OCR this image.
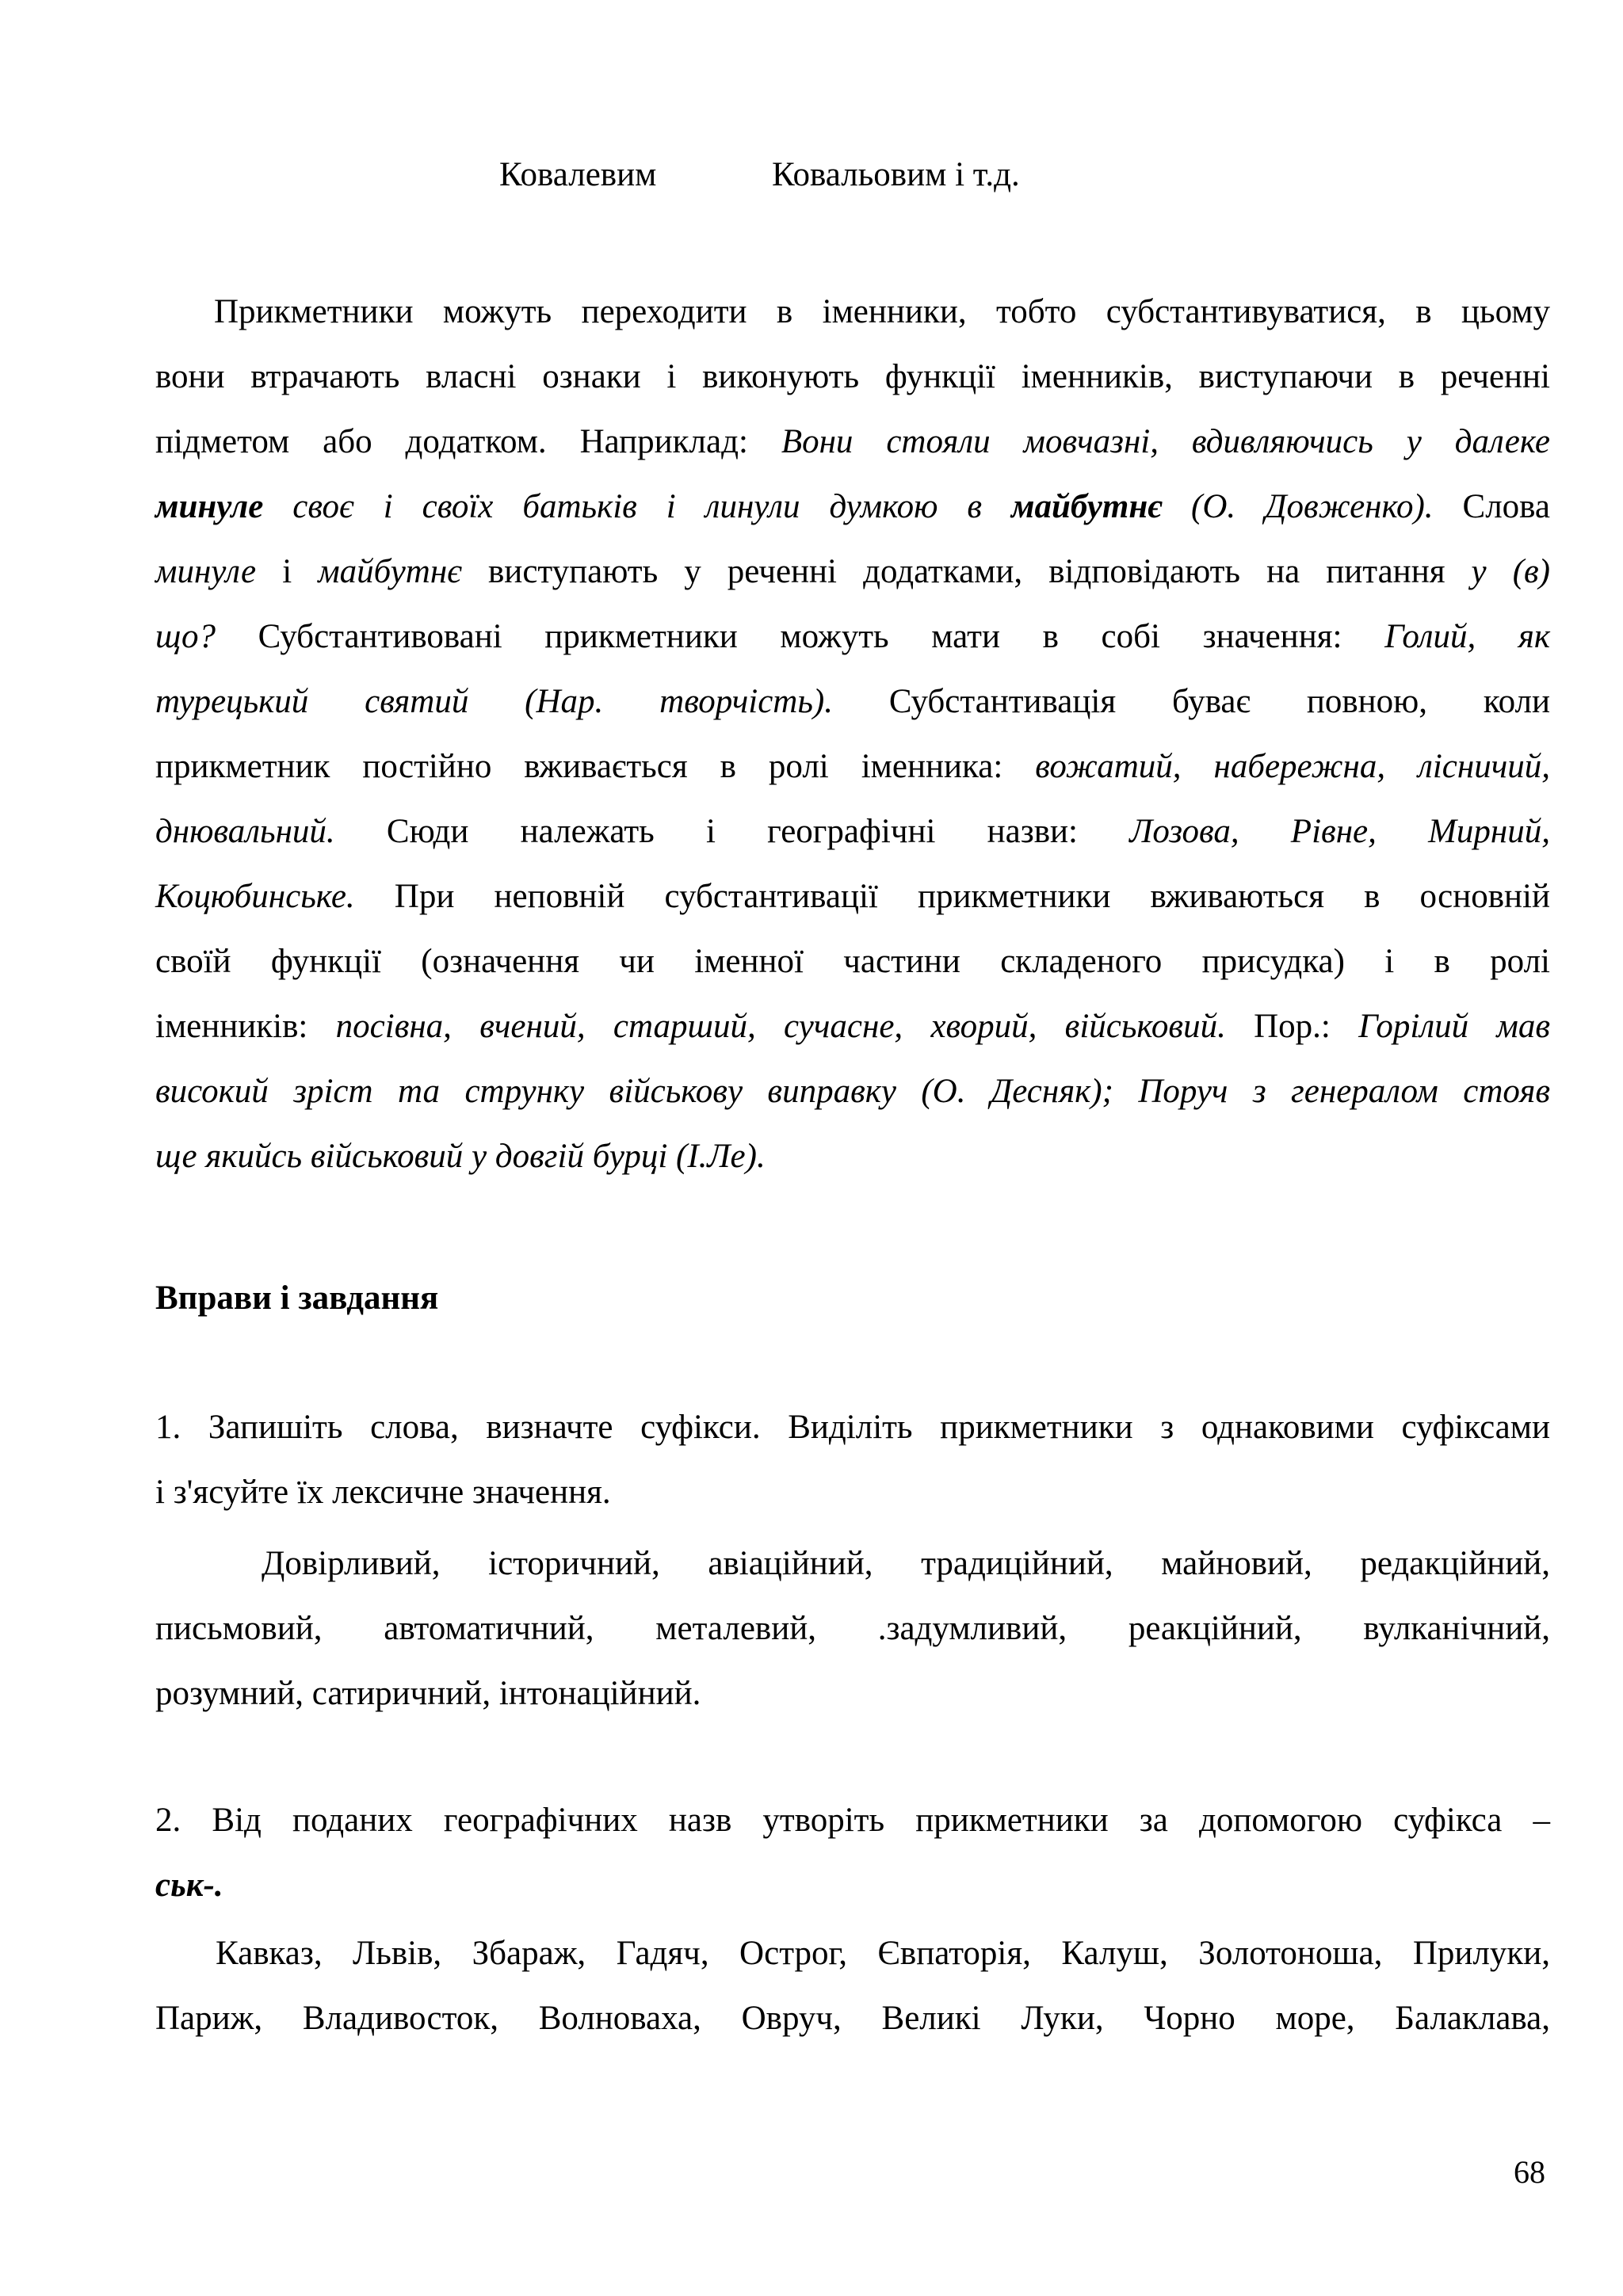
Ковалевим	Ковальовим і т.д.
Прикметники можуть переходити в іменники, тобто субстантивуватися, в цьому
вони втрачають власні ознаки і виконують функції іменників, виступаючи в реченні
підметом або додатком. Наприклад: Вони стояли мовчазні, вдивляючись у далеке
минуле своє і своїх батьків і линули думкою в майбутнє (О. Довженко). Слова
минуле і майбутнє виступають у реченні додатками, відповідають на питання у (в)
що? Субстантивовані прикметники можуть мати в собі значення: Голий, як
турецький святий (Нар. творчість). Субстантивація буває повною, коли
прикметник постійно вживається в ролі іменника: вожатий, набережна, лісничий,
днювальний. Сюди належать і географічні назви: Лозова, Рівне, Мирний,
Коцюбинське. При неповній субстантивації прикметники вживаються в основній
своїй функції (означення чи іменної частини складеного присудка) і в ролі
іменників: посівна, вчений, старший, сучасне, хворий, військовий. Пор.: Горілий мав
високий зріст та струнку військову виправку (О. Десняк); Поруч з генералом стояв
ще якийсь військовий у довгій бурці (І.Ле).
Вправи і завдання
1. Запишіть слова, визначте суфікси. Виділіть прикметники з однаковими суфіксами
і з'ясуйте їх лексичне значення.
Довірливий, історичний, авіаційний, традиційний, майновий, редакційний,
письмовий, автоматичний, металевий, .задумливий, реакційний, вулканічний,
розумний, сатиричний, інтонаційний.
2. Від поданих географічних назв утворіть прикметники за допомогою суфікса –
ськ-.
Кавказ, Львів, Збараж, Гадяч, Острог, Євпаторія, Калуш, Золотоноша, Прилуки,
Париж, Владивосток, Волноваха, Овруч, Великі Луки, Чорно море, Балаклава,
68
